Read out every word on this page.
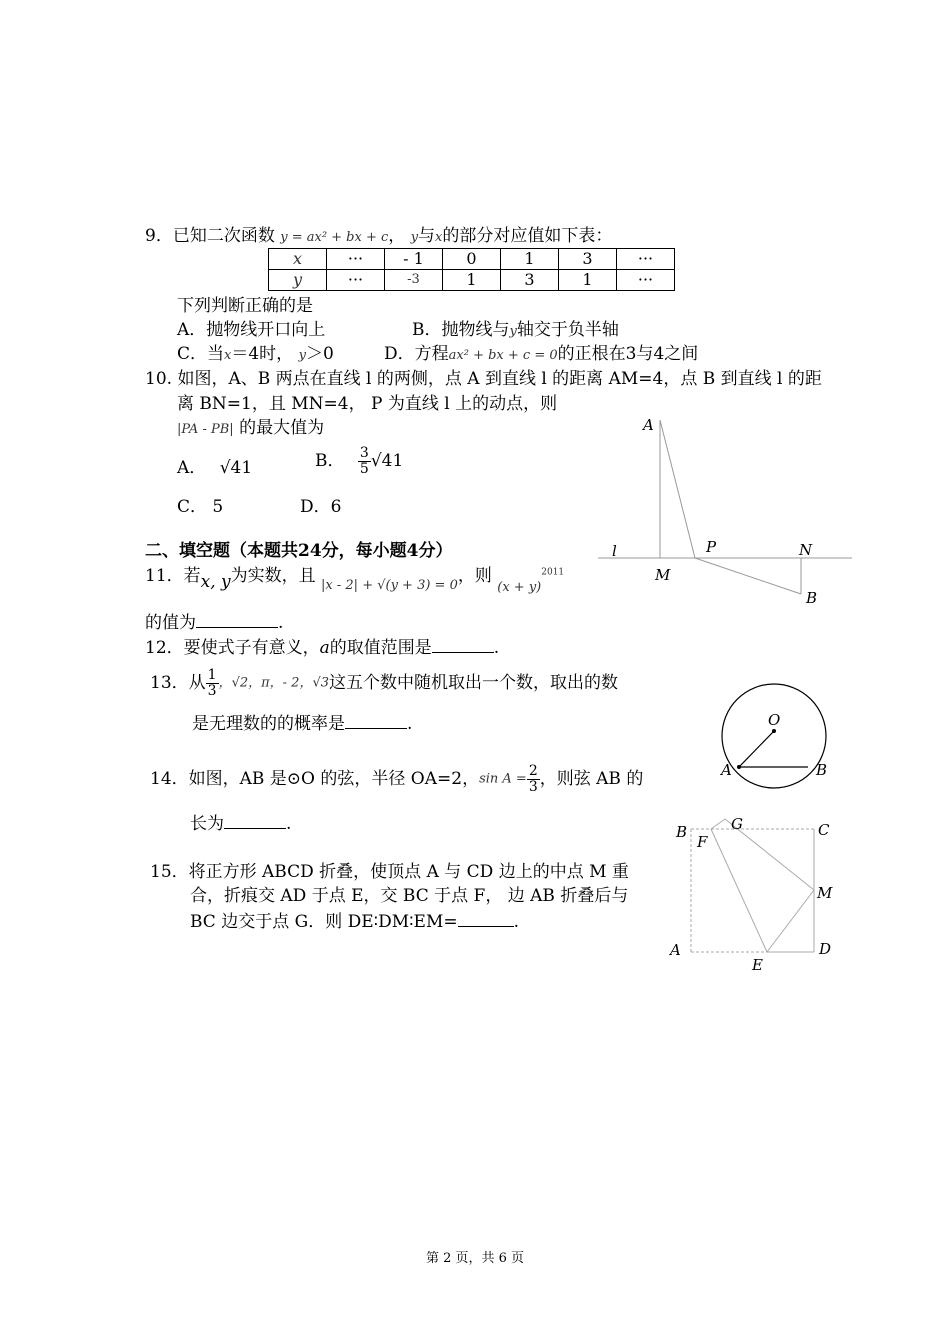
9．已知二次函数 y = ax² + bx + c， y与x的部分对应值如下表：
x	···	- 1	0	1	3	···
y	···	-3	1	3	1	···
下列判断正确的是
A．抛物线开口向上	B．抛物线与y轴交于负半轴
C．当x＝4时， y＞0	D．方程ax² + bx + c = 0的正根在3与4之间
10. 如图，A、B 两点在直线 l 的两侧，点 A 到直线 l 的距离 AM=4，点 B 到直线 l 的距
离 BN=1，且 MN=4， P 为直线 l 上的动点，则
|PA - PB| 的最大值为
A． √41	B． $\frac{3}{5} √41$
C． 5	D．6
A
l
M
P	N
B
二、填空题（本题共24分，每小题4分）
11．若x, y为实数，且 $_{|x - 2| + √(y + 3) = 0}$，则 $_{(x + y)}^{2011}$
的值为	.
12．要使式子有意义，a的取值范围是	.
13．从 $\frac{1}{3}$ ，√2，π，- 2，√3这五个数中随机取出一个数，取出的数
是无理数的的概率是	.	O
A	B
14．如图，AB 是⊙O 的弦，半径 OA=2，$\sin A = \frac{2}{3}$ ，则弦 AB 的
长为	.
15．将正方形 ABCD 折叠，使顶点 A 与 CD 边上的中点 M 重
合，折痕交 AD 于点 E，交 BC 于点 F， 边 AB 折叠后与
BC 边交于点 G．则 DE∶DM∶EM=	.
B	G	C
F
M
A
E
D
第 2 页，共 6 页
